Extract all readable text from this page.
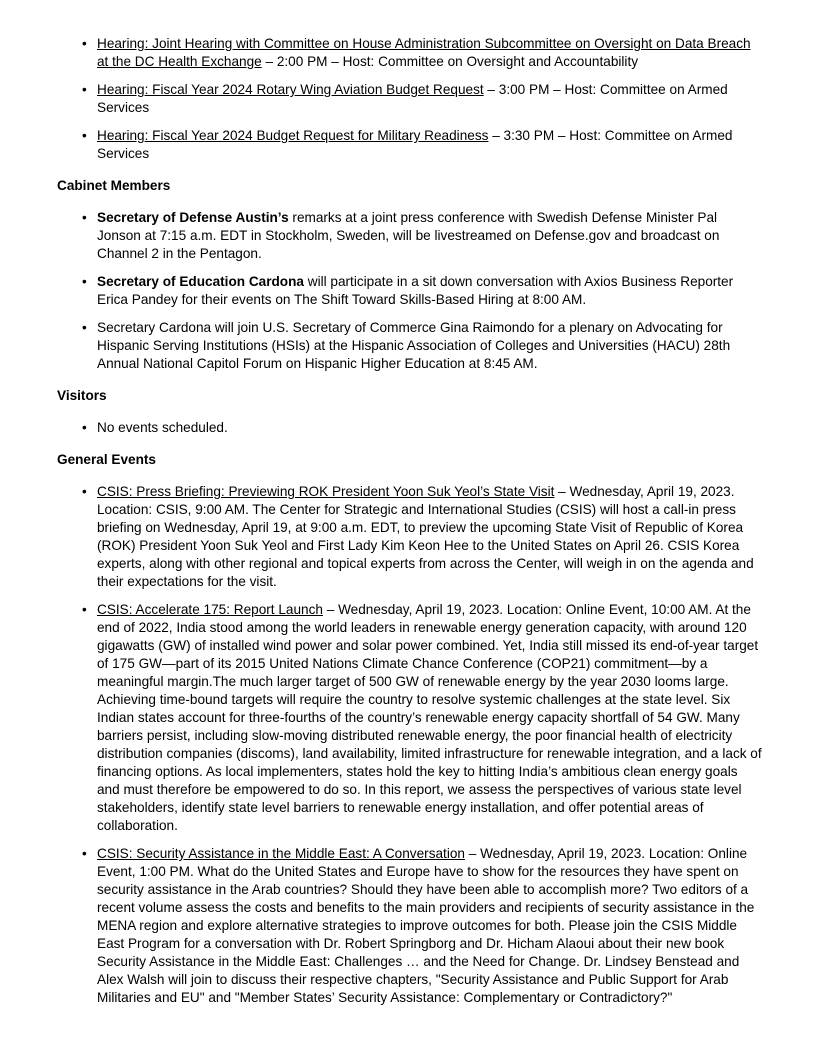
• Hearing: Joint Hearing with Committee on House Administration Subcommittee on Oversight on Data Breach at the DC Health Exchange – 2:00 PM – Host: Committee on Oversight and Accountability
• Hearing: Fiscal Year 2024 Rotary Wing Aviation Budget Request – 3:00 PM – Host: Committee on Armed Services
• Hearing: Fiscal Year 2024 Budget Request for Military Readiness – 3:30 PM – Host: Committee on Armed Services
Cabinet Members
• Secretary of Defense Austin’s remarks at a joint press conference with Swedish Defense Minister Pal Jonson at 7:15 a.m. EDT in Stockholm, Sweden, will be livestreamed on Defense.gov and broadcast on Channel 2 in the Pentagon.
• Secretary of Education Cardona will participate in a sit down conversation with Axios Business Reporter Erica Pandey for their events on The Shift Toward Skills-Based Hiring at 8:00 AM.
• Secretary Cardona will join U.S. Secretary of Commerce Gina Raimondo for a plenary on Advocating for Hispanic Serving Institutions (HSIs) at the Hispanic Association of Colleges and Universities (HACU) 28th Annual National Capitol Forum on Hispanic Higher Education at 8:45 AM.
Visitors
• No events scheduled.
General Events
• CSIS: Press Briefing: Previewing ROK President Yoon Suk Yeol’s State Visit – Wednesday, April 19, 2023. Location: CSIS, 9:00 AM. The Center for Strategic and International Studies (CSIS) will host a call-in press briefing on Wednesday, April 19, at 9:00 a.m. EDT, to preview the upcoming State Visit of Republic of Korea (ROK) President Yoon Suk Yeol and First Lady Kim Keon Hee to the United States on April 26. CSIS Korea experts, along with other regional and topical experts from across the Center, will weigh in on the agenda and their expectations for the visit.
• CSIS: Accelerate 175: Report Launch – Wednesday, April 19, 2023. Location: Online Event, 10:00 AM. At the end of 2022, India stood among the world leaders in renewable energy generation capacity, with around 120 gigawatts (GW) of installed wind power and solar power combined. Yet, India still missed its end-of-year target of 175 GW—part of its 2015 United Nations Climate Chance Conference (COP21) commitment—by a meaningful margin.The much larger target of 500 GW of renewable energy by the year 2030 looms large. Achieving time-bound targets will require the country to resolve systemic challenges at the state level. Six Indian states account for three-fourths of the country’s renewable energy capacity shortfall of 54 GW. Many barriers persist, including slow-moving distributed renewable energy, the poor financial health of electricity distribution companies (discoms), land availability, limited infrastructure for renewable integration, and a lack of financing options. As local implementers, states hold the key to hitting India’s ambitious clean energy goals and must therefore be empowered to do so. In this report, we assess the perspectives of various state level stakeholders, identify state level barriers to renewable energy installation, and offer potential areas of collaboration.
• CSIS: Security Assistance in the Middle East: A Conversation – Wednesday, April 19, 2023. Location: Online Event, 1:00 PM. What do the United States and Europe have to show for the resources they have spent on security assistance in the Arab countries? Should they have been able to accomplish more? Two editors of a recent volume assess the costs and benefits to the main providers and recipients of security assistance in the MENA region and explore alternative strategies to improve outcomes for both. Please join the CSIS Middle East Program for a conversation with Dr. Robert Springborg and Dr. Hicham Alaoui about their new book Security Assistance in the Middle East: Challenges … and the Need for Change. Dr. Lindsey Benstead and Alex Walsh will join to discuss their respective chapters, "Security Assistance and Public Support for Arab Militaries and EU" and "Member States’ Security Assistance: Complementary or Contradictory?"
